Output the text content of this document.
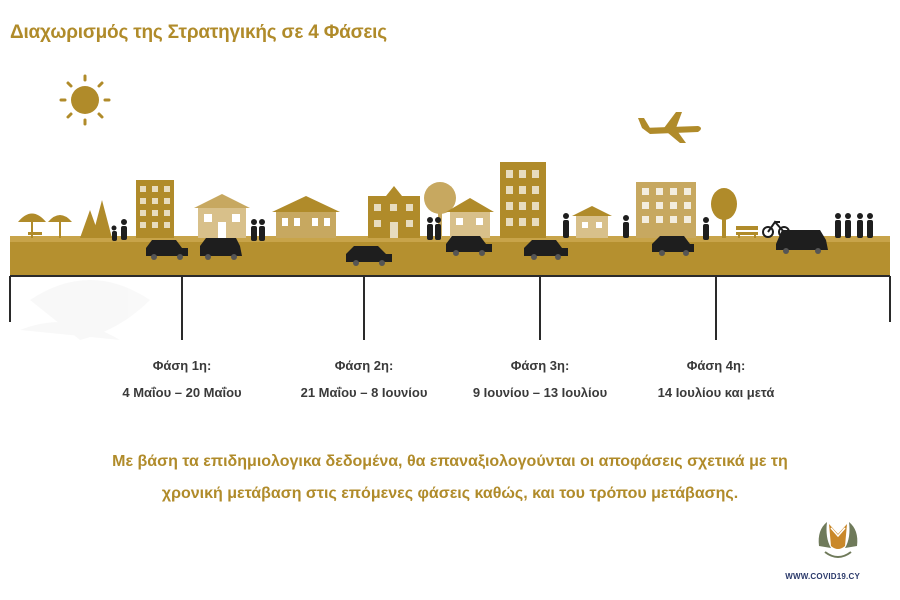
Διαχωρισμός της Στρατηγικής σε 4 Φάσεις
Φάση 1η:
4 Μαΐου – 20 Μαΐου
Φάση 2η:
21 Μαΐου – 8 Ιουνίου
Φάση 3η:
9 Ιουνίου – 13 Ιουλίου
Φάση 4η:
14 Ιουλίου και μετά
Με βάση τα επιδημιολογικα δεδομένα, θα επαναξιολογούνται οι αποφάσεις σχετικά με τη
χρονική μετάβαση στις επόμενες φάσεις καθώς, και του τρόπου μετάβασης.
WWW.COVID19.CY
